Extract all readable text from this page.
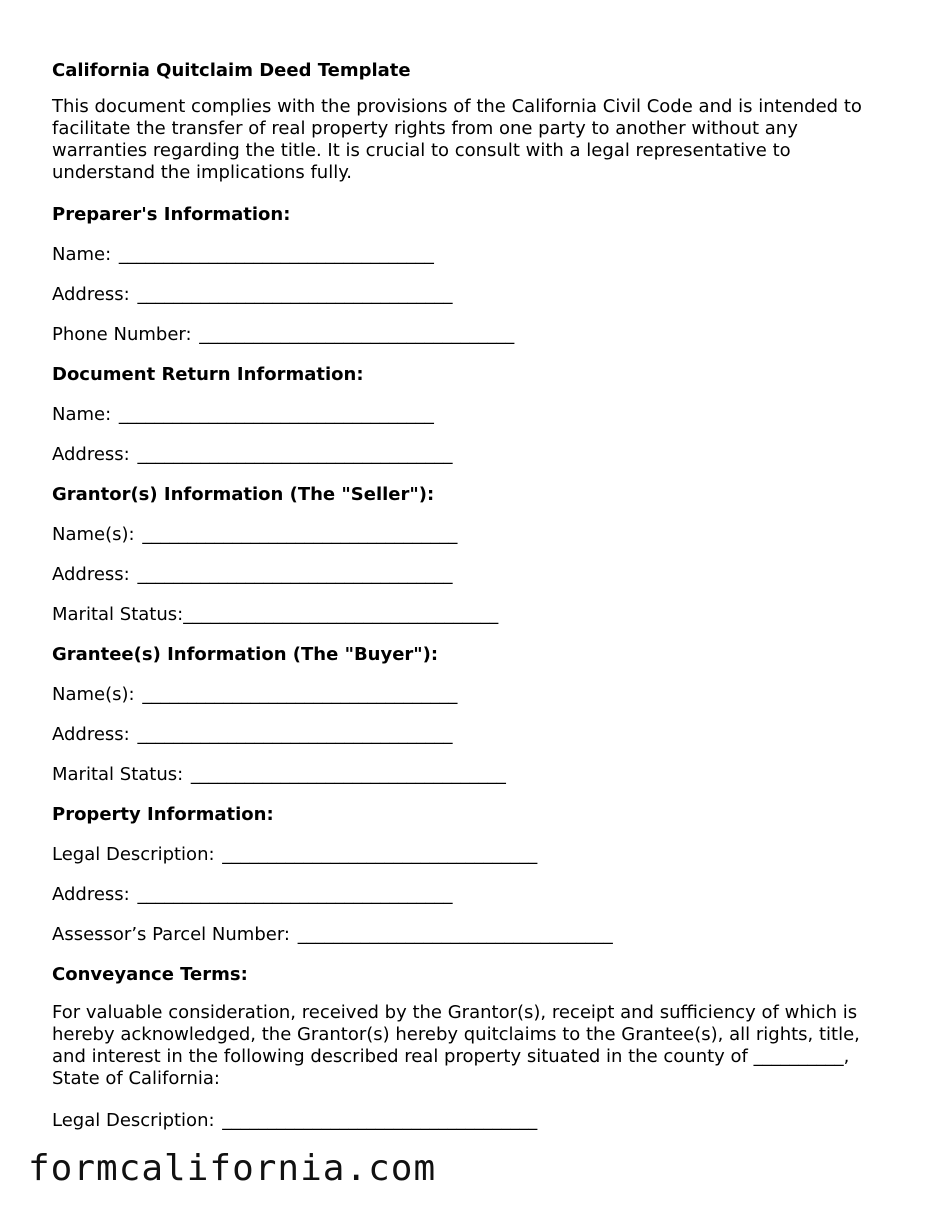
California Quitclaim Deed Template
This document complies with the provisions of the California Civil Code and is intended to facilitate the transfer of real property rights from one party to another without any warranties regarding the title. It is crucial to consult with a legal representative to understand the implications fully.
Preparer's Information:
Name: ___________________________________
Address: ___________________________________
Phone Number: ___________________________________
Document Return Information:
Name: ___________________________________
Address: ___________________________________
Grantor(s) Information (The "Seller"):
Name(s): ___________________________________
Address: ___________________________________
Marital Status:___________________________________
Grantee(s) Information (The "Buyer"):
Name(s): ___________________________________
Address: ___________________________________
Marital Status: ___________________________________
Property Information:
Legal Description: ___________________________________
Address: ___________________________________
Assessor’s Parcel Number: ___________________________________
Conveyance Terms:
For valuable consideration, received by the Grantor(s), receipt and sufficiency of which is hereby acknowledged, the Grantor(s) hereby quitclaims to the Grantee(s), all rights, title, and interest in the following described real property situated in the county of __________, State of California:
Legal Description: ___________________________________
formcalifornia.com
